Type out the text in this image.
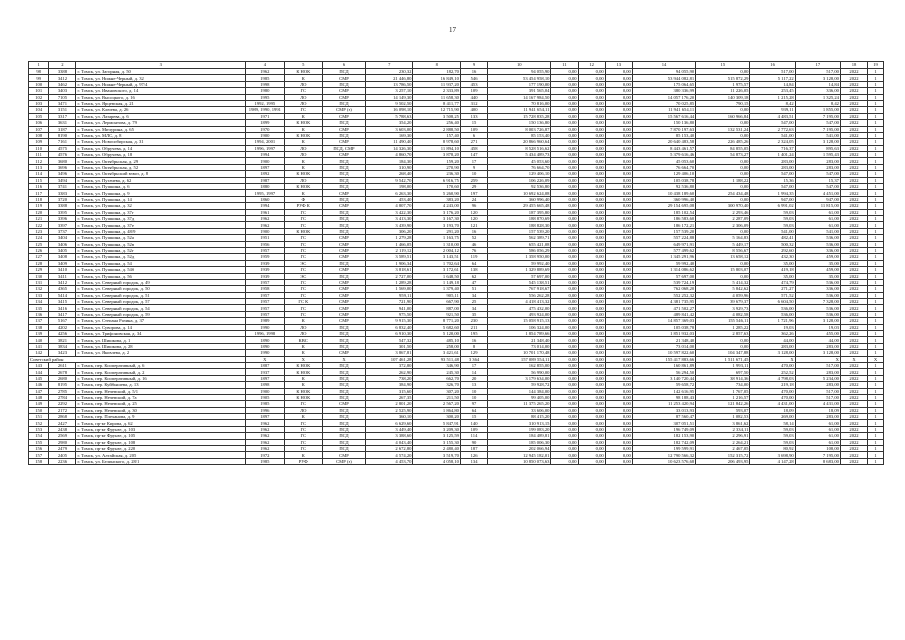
17
1	2	3	4	5	6	7	8	9	10	11	12	13	14	15	16	17	18	19
98	3388	г. Томск, ул. Загорная, д. 50	1962	К НОК	ПСД	230,32	182,70	16	94 055,90	0,00	0,00	0,00	94 055,90	0,00	517,00	517,00	2022	1
99	3412	г. Томск, ул. Нижне-Черный, д. 32	1985	К	СМР	21 446,80	16 849,10	546	53 454 958,10	0,00	0,00	0,00	53 944 082,81	515 872,29	5 117,22	3 128,00	2022	1
100	3462	г. Томск, ул. Нижне-Черный, д. 97/4	1998	ЛО	ПСД	13 786,50	11 937,20	453	177 190,00	0,00	0,00	0,00	175 064,65	1 975,57	14,84	14,84	2022	1
101	3403	г. Томск, ул. Ивановского, д. 14	1980	ГС	СМР	3 257,10	2 333,89	109	391 565,04	0,00	0,00	0,00	380 336,99	11 226,05	253,45	336,00	2022	1
102	7105	г. Томск, ул. Высоцкого, д. 16	1995	ЛО	СМР	14 149,30	11 658,30	440	14 167 984,50	0,00	0,00	0,00	14 057 176,20	140 309,18	1 215,28	1 325,24	2022	1
103	3471	г. Томск, ул. Ярцевская, д. 21	1992, 1995	ЛО	ПСД	9 502,50	8 411,77	312	70 816,00	0,00	0,00	0,00	70 025,85	790,15	8,42	8,42	2022	1
104	3151	г. Томск, ул. Клюева, д. 26	1989, 1990, 1991	ГС	СМР (з)	16 098,10	12 715,90	400	11 941 654,11	0,00	0,00	0,00	11 941 654,11	0,00	939,11	1 855,00	2022	1
105	3317	г. Томск, ул. Лазарева, д. 6	1971	К	СМР	5 788,63	3 508,25	133	15 728 835,28	0,00	0,00	0,00	15 567 616,44	160 966,84	4 483,51	7 195,00	2022	1
106	3631	г. Томск, ул. Лермонтова, д. 79	1899	К НОК	ПСД	354,20	256,40	15	150 136,80	0,00	0,00	0,00	150 136,80	0,00	547,00	547,00	2022	1
107	3187	г. Томск, ул. Мичурина, д. 65	1970	К	СМР	3 603,00	2 888,50	109	8 003 726,87	0,00	0,00	0,00	7 870 197,63	132 531,24	2 772,63	7 195,00	2022	1
108	8190	г. Томск, ул. МЛС, д. 8	1900	К НОК	ПСД	169,30	157,40	6	85 153,40	0,00	0,00	0,00	85 153,40	0,00	541,00	541,00	2022	1
109	7161	г. Томск, ул. Новосибирская, д. 31	1994, 2001	К	СМР	11 490,40	8 978,60	271	20 866 960,64	0,00	0,00	0,00	20 640 483,58	226 485,26	2 324,05	3 128,00	2022	1
110	4575	г. Томск, ул. Обручева, д. 14	1996, 1997	ЛО	ПСД, СМР	14 326,30	11 894,10	458	8 528 516,62	0,00	0,00	0,00	8 443 461,57	84 855,05	716,37	895,63	2022	1
111	4576	г. Томск, ул. Обручева, д. 18	1994	ЛО	СМР	4 860,70	3 878,20	147	5 434 489,73	0,00	0,00	0,00	5 379 616,46	54 873,27	1 401,24	1 595,43	2022	1
112	3680	г. Томск, ул. Октябрьская, д. 29	1900	К	ПСД	184,30	159,20	17	45 053,60	0,00	0,00	0,00	45 053,60	0,00	283,00	283,00	2022	1
113	3696	г. Томск, ул. Октябрьская, д. 52	1897	К	ПСД	310,90	270,90	9	76 664,70	0,00	0,00	0,00	76 664,70	0,00	283,00	283,00	2022	1
114	3496	г. Томск, ул. Октябрьский взвоз, д. 8	1892	К НОК	ПСД	268,40	236,30	10	129 406,10	0,00	0,00	0,00	129 406,10	0,00	547,00	547,00	2022	1
115	3494	г. Томск, ул. Пугачева, д. 62	1987	ЛО	ПСД	9 542,70	6 916,75	259	106 226,09	0,00	0,00	0,00	105 038,78	1 188,22	15,36	15,37	2022	1
116	3741	г. Томск, ул. Пушкина, д. 6	1880	К НОК	ПСД	198,00	170,60	29	92 536,80	0,00	0,00	0,00	92 536,80	0,00	547,00	547,00	2022	1
117	3383	г. Томск, ул. Пушкина, д. 9	1995, 1997	К	СМР	6 263,30	5 260,90	197	10 692 624,08	0,00	0,00	0,00	10 438 189,60	254 434,48	1 994,35	4 451,00	2022	1
118	3720	г. Томск, ул. Пушкина, д. 14	1860	Ф	ПСД	453,40	383,20	24	360 996,40	0,00	0,00	0,00	360 996,40	0,00	947,00	947,00	2022	1
119	3388	г. Томск, ул. Пушкина, д. 32	1994	РУФ К	СМР	4 807,70	4 243,00	96	29 455 665,48	0,00	0,00	0,00	29 154 695,08	300 970,40	6 991,02	11 815,00	2022	1
120	3395	г. Томск, ул. Пушкина, д. 37г	1961	ГС	ПСД	3 422,30	3 176,20	120	187 395,80	0,00	0,00	0,00	185 102,54	2 293,46	59,03	61,00	2022	1
121	3396	г. Томск, ул. Пушкина, д. 37д	1962	ГС	ПСД	3 413,30	3 167,30	120	188 870,69	0,00	0,00	0,00	186 583,60	2 287,09	59,03	61,00	2022	1
122	3397	г. Томск, ул. Пушкина, д. 37е	1962	ГС	ПСД	3 439,90	3 193,70	121	188 828,30	0,00	0,00	0,00	186 172,21	2 306,09	59,03	61,00	2022	1
123	3737	г. Томск, ул. Пушкина, д. 48/9	1900	К НОК	ПСД	306,20	291,20	16	157 539,20	0,00	0,00	0,00	157 539,20	0,00	541,00	541,00	2022	1
124	3404	г. Томск, ул. Пушкина, д. 52а	1951	ГС	СМР	1 279,28	1 163,75	52	562 389,71	0,00	0,00	0,00	557 224,88	5 164,83	482,41	536,00	2022	1
125	3406	г. Томск, ул. Пушкина, д. 52в	1956	ГС	СМР	1 466,05	1 310,00	46	655 421,08	0,00	0,00	0,00	649 971,91	5 449,17	500,32	536,00	2022	1
126	3405	г. Томск, ул. Пушкина, д. 52г	1957	ГС	СМР	2 119,12	2 004,12	76	586 056,29	0,00	0,00	0,00	577 499,62	8 556,67	292,60	336,00	2022	1
127	3408	г. Томск, ул. Пушкина, д. 52д	1959	ГС	СМР	3 589,51	3 143,51	119	1 358 950,00	0,00	0,00	0,00	1 345 291,96	13 658,12	432,30	459,00	2022	1
128	3409	г. Томск, ул. Пушкина, д. 54	1939	ЭС	ПСД	1 906,34	1 702,64	64	59 992,40	0,00	0,00	0,00	59 992,40	0,00	35,00	35,00	2022	1
129	3410	г. Томск, ул. Пушкина, д. 54б	1939	ГС	СМР	3 818,61	3 172,61	138	1 329 889,69	0,00	0,00	0,00	1 314 086,62	15 803,07	419,18	459,00	2022	1
130	3411	г. Томск, ул. Пушкина, д. 56	1939	ЭС	ПСД	2 727,00	1 648,50	62	57 697,00	0,00	0,00	0,00	57 697,00	0,00	35,00	35,00	2022	1
131	3412	г. Томск, ул. Северный городок, д. 49	1957	ГС	СМР	1 289,28	1 149,18	47	545 138,51	0,00	0,00	0,00	539 724,19	5 414,32	474,79	536,00	2022	1
132	4365	г. Томск, ул. Северный городок, д. 50	1958	ГС	СМР	1 569,00	1 379,40	51	767 918,67	0,00	0,00	0,00	762 068,20	5 842,62	271,27	336,00	2022	1
133	5414	г. Томск, ул. Северный городок, д. 51	1957	ГС	СМР	959,11	905,11	34	556 262,28	0,00	0,00	0,00	552 252,32	4 059,96	571,52	536,00	2022	1
134	3415	г. Томск, ул. Северный городок, д. 57	1957	ГС К	СМР	721,90	667,90	25	4 418 413,32	0,00	0,00	0,00	4 381 735,95	39 679,37	6 604,50	7 328,00	2022	1
135	3416	г. Томск, ул. Северный городок, д. 54	1957	ГС	СМР	941,00	887,00	34	475 432,00	0,00	0,00	0,00	471 502,27	3 929,73	536,00	536,00	2022	1
136	3417	г. Томск, ул. Северный городок, д. 59	1957	ГС	СМР	975,50	921,50	35	493 924,00	0,00	0,00	0,00	489 841,42	4 082,58	536,00	536,00	2022	1
137	5167	г. Томск, ул. Степана Разина, д. 37	1989	К	СМР	9 915,30	8 771,20	230	15 058 915,13	0,00	0,00	0,00	14 857 369,03	155 546,11	1 721,96	3 128,00	2022	1
138	4202	г. Томск, ул. Суворова, д. 14	1990	ЛО	ПСД	6 832,40	5 682,60	211	106 324,00	0,00	0,00	0,00	105 038,78	1 285,22	19,03	19,03	2022	1
139	4256	г. Томск, ул. Трифоновская, д. 34	1996, 1998	ЛО	ПСД	6 910,30	5 120,00	195	1 854 789,66	0,00	0,00	0,00	1 851 932,03	2 857,63	362,26	455,00	2022	1
140	3821	г. Томск, ул. Шишкова, д. 1	1890	КВС	ПСД	547,32	485,10	16	21 348,40	0,00	0,00	0,00	21 348,40	0,00	44,00	44,00	2022	1
141	3834	г. Томск, ул. Шишкова, д. 28	1890	К	ПСД	301,50	258,00	8	73 014,00	0,00	0,00	0,00	73 014,00	0,00	283,00	283,00	2022	1
142	3423	г. Томск, ул. Яковлева, д. 2	1990	К	СМР	3 867,81	3 421,61	129	10 701 170,48	0,00	0,00	0,00	10 597 822,60	104 347,88	3 128,00	3 128,00	2022	1
Советский район			X	X	X	107 461,28	93 511,48	3 364	157 089 554,11	0,00	0,00	0,00	155 417 883,66	1 511 671,45	X	X	X	X
143	2611	г. Томск, пер. Кооперативный, д. 6	1887	К НОК	ПСД	372,80	346,90	17	162 855,00	0,00	0,00	0,00	160 861,89	1 993,11	470,00	517,00	2022	1
144	2678	г. Томск, пер. Кооперативный, д. 2	1937	К НОК	ПСД	262,90	245,30	14	56 990,00	0,00	0,00	0,00	56 294,50	697,50	252,52	283,00	2022	1
145	2680	г. Томск, пер. Кооперативный, д. 16	1897	К	ПСД	738,20	662,70	20	3 179 634,00	0,00	0,00	0,00	3 140 720,44	38 914,36	4 798,03	5 234,00	2022	1
146	8195	г. Томск, пер. Куйбышева, д. 13	1898	К	ПСД	384,90	326,70	13	59 928,72	0,00	0,00	0,00	59 658,72	734,00	219,18	283,00	2022	1
147	2785	г. Томск, пер. Нечевский, д. 5/1	1900	К НОК	ПСД	315,60	307,20	10	144 384,00	0,00	0,00	0,00	142 616,95	1 767,05	470,00	517,00	2022	1
148	2784	г. Томск, пер. Нечевский, д. 7а	1905	К НОК	ПСД	267,35	211,50	10	99 405,00	0,00	0,00	0,00	98 188,43	1 216,57	470,00	517,00	2022	1
149	2292	г. Томск, пер. Нечевский, д. 25	1985	ГС	СМР	2 801,20	2 567,20	97	11 375 265,20	0,00	0,00	0,00	11 253 420,94	121 842,26	4 431,00	4 431,00	2022	1
150	2172	г. Томск, пер. Нечевский, д. 30	1996	ЛО	ПСД	2 525,90	1 864,80	64	33 606,00	0,00	0,00	0,00	33 013,93	593,07	18,09	18,09	2022	1
151	2868	г. Томск, пер. Плеханова, д. 9	1897	К	ПСД	360,10	300,20	15	88 415,20	0,00	0,00	0,00	87 560,47	1 082,53	269,00	283,00	2022	1
152	2427	г. Томск, пр-кт Кирова, д. 62	1962	ГС	ПСД	6 629,60	5 847,91	140	310 913,15	0,00	0,00	0,00	307 051,51	3 861,62	58,14	61,00	2022	1
153	2438	г. Томск, пр-кт Фрунзе, д. 103	1962	ГС	ПСД	3 449,40	3 209,30	109	199 083,20	0,00	0,00	0,00	196 749,09	2 334,11	59,03	61,00	2022	1
154	2569	г. Томск, пр-кт Фрунзе, д. 105	1962	ГС	ПСД	3 388,60	3 125,59	114	184 489,81	0,00	0,00	0,00	182 153,90	2 296,91	59,03	61,00	2022	1
155	2980	г. Томск, пр-кт Фрунзе, д. 108	1962	ГС	ПСД	4 043,40	3 155,30	90	185 006,30	0,00	0,00	0,00	182 742,09	2 264,21	59,03	61,00	2022	1
156	2479	г. Томск, пр-кт Фрунзе, д. 220	1962	ГС	ПСД	2 672,80	2 480,40	187	202 066,94	0,00	0,00	0,00	199 599,91	2 467,05	80,92	108,00	2022	1
157	2405	г. Томск, ул. Алтайская, д. 205	1972	К	СМР	4 574,20	3 519,70	126	12 945 182,01	0,00	0,00	0,00	12 790 566,32	152 315,72	3 698,90	7 195,00	2022	1
158	2236	г. Томск, ул. Белинского, д. 28/1	1985	РУФ	СМР (з)	4 453,70	4 058,10	134	10 850 073,63	0,00	0,00	0,00	10 623 576,68	206 493,95	4 147,28	8 683,00	2022	1
